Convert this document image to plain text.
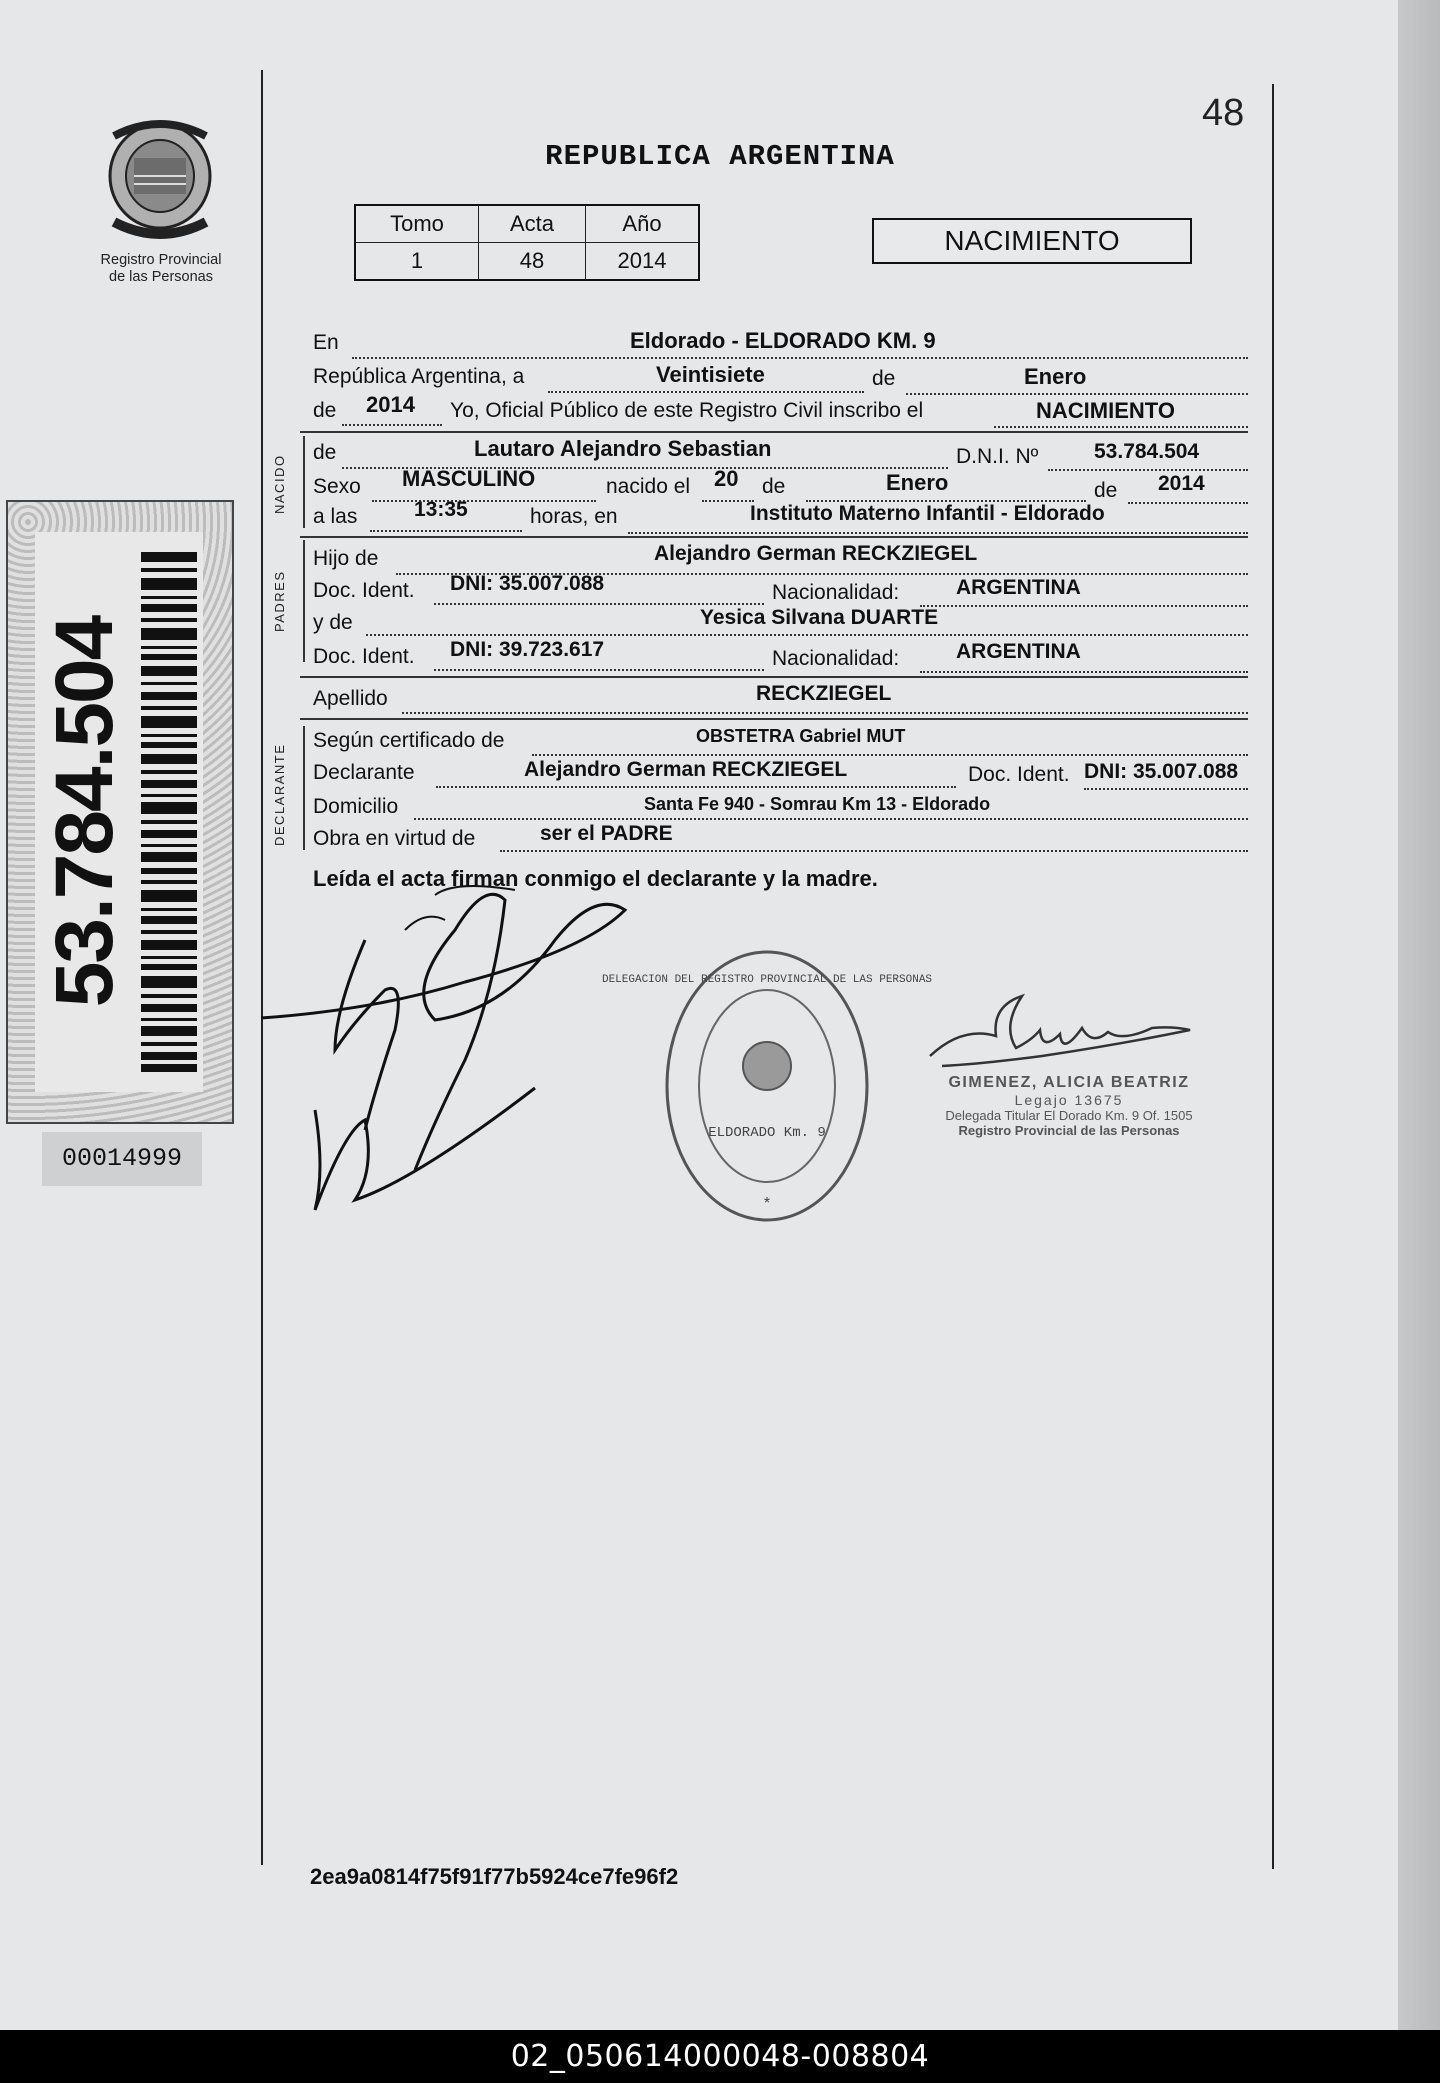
Registro Provincial
de las Personas
48
REPUBLICA ARGENTINA
Tomo	Acta	Año
1	48	2014
NACIMIENTO
En	Eldorado - ELDORADO KM. 9
República Argentina, a	Veintisiete	de	Enero
de 2014 Yo, Oficial Público de este Registro Civil inscribo el	NACIMIENTO
NACIDO
de	Lautaro Alejandro Sebastian	D.N.I. Nº	53.784.504
Sexo MASCULINO	nacido el 20 de	Enero	de 2014
a las	13:35	horas, en	Instituto Materno Infantil - Eldorado
PADRES
Hijo de	Alejandro German RECKZIEGEL
Doc. Ident. DNI: 35.007.088	Nacionalidad:	ARGENTINA
y de	Yesica Silvana DUARTE
Doc. Ident. DNI: 39.723.617	Nacionalidad:	ARGENTINA
Apellido	RECKZIEGEL
DECLARANTE
Según certificado de	OBSTETRA Gabriel MUT
Declarante	Alejandro German RECKZIEGEL	Doc. Ident. DNI: 35.007.088
Domicilio	Santa Fe 940 - Somrau Km 13 - Eldorado
Obra en virtud de	ser el PADRE
Leída el acta firman conmigo el declarante y la madre.
DELEGACION DEL REGISTRO PROVINCIAL DE LAS PERSONAS
ELDORADO Km. 9
*
GIMENEZ, ALICIA BEATRIZ
Legajo 13675
Delegada Titular El Dorado Km. 9 Of. 1505
Registro Provincial de las Personas
53.784.504
00014999
2ea9a0814f75f91f77b5924ce7fe96f2
02_050614000048-008804
